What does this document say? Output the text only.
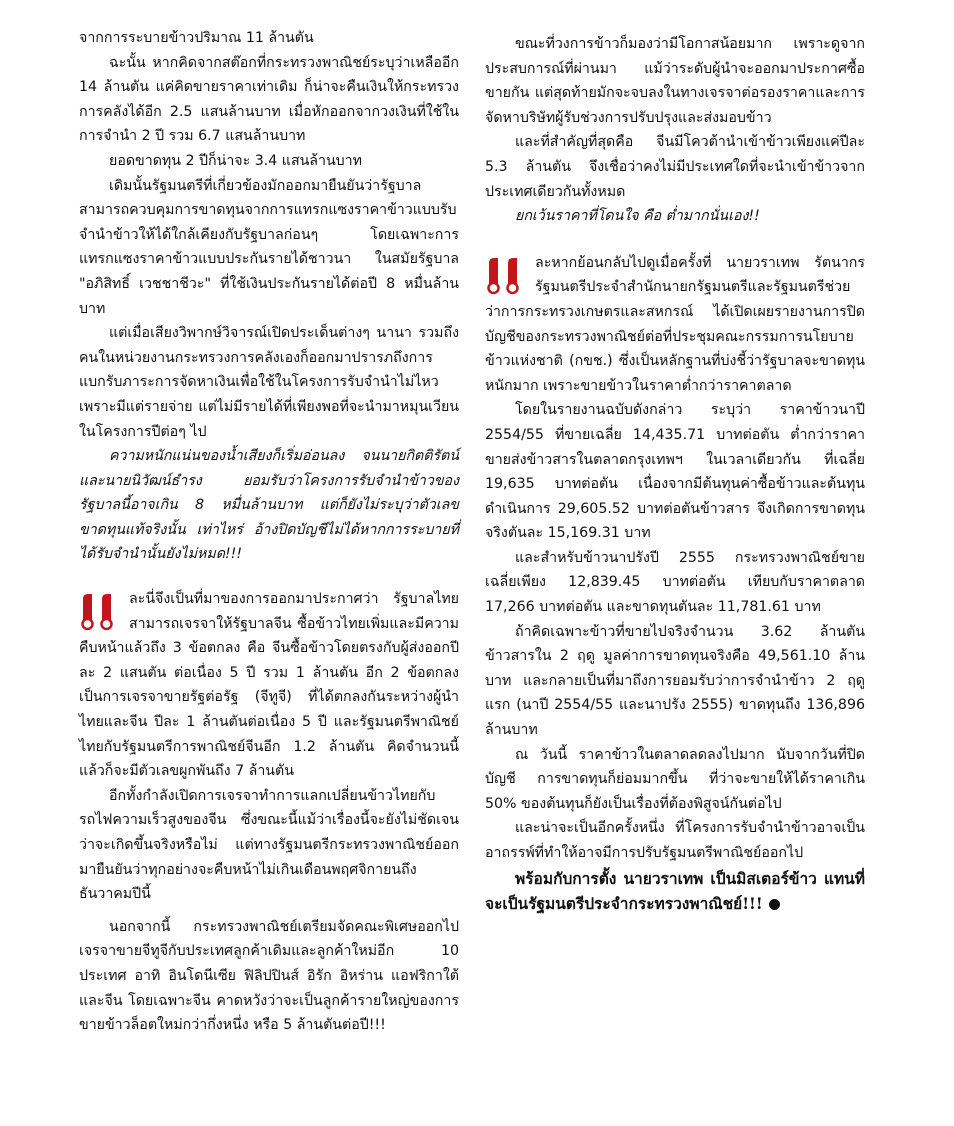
จากการระบายข้าวปริมาณ 11 ล้านตัน

ฉะนั้น หากคิดจากสต๊อกที่กระทรวงพาณิชย์ระบุว่าเหลืออีก 14 ล้านตัน แค่คิดขายราคาเท่าเดิม ก็น่าจะคืนเงินให้กระทรวงการคลังได้อีก 2.5 แสนล้านบาท เมื่อหักออกจากวงเงินที่ใช้ในการจำนำ 2 ปี รวม 6.7 แสนล้านบาท

ยอดขาดทุน 2 ปีก็น่าจะ 3.4 แสนล้านบาท

เดิมนั้นรัฐมนตรีที่เกี่ยวข้องมักออกมายืนยันว่ารัฐบาลสามารถควบคุมการขาดทุนจากการแทรกแซงราคาข้าวแบบรับจำนำข้าวให้ได้ใกล้เคียงกับรัฐบาลก่อนๆ โดยเฉพาะการแทรกแซงราคาข้าวแบบประกันรายได้ชาวนา ในสมัยรัฐบาล "อภิสิทธิ์ เวชชาชีวะ" ที่ใช้เงินประกันรายได้ต่อปี 8 หมื่นล้านบาท

แต่เมื่อเสียงวิพากษ์วิจารณ์เปิดประเด็นต่างๆ นานา รวมถึงคนในหน่วยงานกระทรวงการคลังเองก็ออกมาปรารภถึงการแบกรับภาระการจัดหาเงินเพื่อใช้ในโครงการรับจำนำไม่ไหว เพราะมีแต่รายจ่าย แต่ไม่มีรายได้ที่เพียงพอที่จะนำมาหมุนเวียนในโครงการปีต่อๆ ไป

ความหนักแน่นของน้ำเสียงก็เริ่มอ่อนลง จนนายกิตติรัตน์และนายนิวัฒน์ธำรง ยอมรับว่าโครงการรับจำนำข้าวของรัฐบาลนี้อาจเกิน 8 หมื่นล้านบาท แต่ก็ยังไม่ระบุว่าตัวเลขขาดทุนแท้จริงนั้น เท่าไหร่ อ้างปิดบัญชีไม่ได้หากการระบายที่ได้รับจำนำนั้นยังไม่หมด!!!

ละนี่จึงเป็นที่มาของการออกมาประกาศว่า รัฐบาลไทยสามารถเจรจาให้รัฐบาลจีน ซื้อข้าวไทยเพิ่มและมีความคืบหน้าแล้วถึง 3 ข้อตกลง คือ จีนซื้อข้าวโดยตรงกับผู้ส่งออกปีละ 2 แสนตัน ต่อเนื่อง 5 ปี รวม 1 ล้านตัน อีก 2 ข้อตกลงเป็นการเจรจาขายรัฐต่อรัฐ (จีทูจี) ที่ได้ตกลงกันระหว่างผู้นำไทยและจีน ปีละ 1 ล้านตันต่อเนื่อง 5 ปี และรัฐมนตรีพาณิชย์ไทยกับรัฐมนตรีการพาณิชย์จีนอีก 1.2 ล้านตัน คิดจำนวนนี้แล้วก็จะมีตัวเลขผูกพันถึง 7 ล้านตัน

อีกทั้งกำลังเปิดการเจรจาทำการแลกเปลี่ยนข้าวไทยกับรถไฟความเร็วสูงของจีน ซึ่งขณะนี้แม้ว่าเรื่องนี้จะยังไม่ชัดเจนว่าจะเกิดขึ้นจริงหรือไม่ แต่ทางรัฐมนตรีกระทรวงพาณิชย์ออกมายืนยันว่าทุกอย่างจะคืบหน้าไม่เกินเดือนพฤศจิกายนถึงธันวาคมปีนี้

นอกจากนี้ กระทรวงพาณิชย์เตรียมจัดคณะพิเศษออกไปเจรจาขายจีทูจีกับประเทศลูกค้าเดิมและลูกค้าใหม่อีก 10 ประเทศ อาทิ อินโดนีเซีย ฟิลิปปินส์ อิรัก อิหร่าน แอฟริกาใต้ และจีน โดยเฉพาะจีน คาดหวังว่าจะเป็นลูกค้ารายใหญ่ของการขายข้าวล็อตใหม่กว่ากึ่งหนึ่ง หรือ 5 ล้านตันต่อปี!!!

ขณะที่วงการข้าวก็มองว่ามีโอกาสน้อยมาก เพราะดูจากประสบการณ์ที่ผ่านมา แม้ว่าระดับผู้นำจะออกมาประกาศซื้อขายกัน แต่สุดท้ายมักจะจบลงในทางเจรจาต่อรองราคาและการจัดหาบริษัทผู้รับช่วงการปรับปรุงและส่งมอบข้าว

และที่สำคัญที่สุดคือ จีนมีโควต้านำเข้าข้าวเพียงแค่ปีละ 5.3 ล้านตัน จึงเชื่อว่าคงไม่มีประเทศใดที่จะนำเข้าข้าวจากประเทศเดียวกันทั้งหมด

ยกเว้นราคาที่โดนใจ คือ ต่ำมากนั่นเอง!!

ละหากย้อนกลับไปดูเมื่อครั้งที่ นายวราเทพ รัตนากร รัฐมนตรีประจำสำนักนายกรัฐมนตรีและรัฐมนตรีช่วยว่าการกระทรวงเกษตรและสหกรณ์ ได้เปิดเผยรายงานการปิดบัญชีของกระทรวงพาณิชย์ต่อที่ประชุมคณะกรรมการนโยบายข้าวแห่งชาติ (กขช.) ซึ่งเป็นหลักฐานที่บ่งชี้ว่ารัฐบาลจะขาดทุนหนักมาก เพราะขายข้าวในราคาต่ำกว่าราคาตลาด

โดยในรายงานฉบับดังกล่าว ระบุว่า ราคาข้าวนาปี 2554/55 ที่ขายเฉลี่ย 14,435.71 บาทต่อตัน ต่ำกว่าราคาขายส่งข้าวสารในตลาดกรุงเทพฯ ในเวลาเดียวกัน ที่เฉลี่ย 19,635 บาทต่อตัน เนื่องจากมีต้นทุนค่าซื้อข้าวและต้นทุนดำเนินการ 29,605.52 บาทต่อตันข้าวสาร จึงเกิดการขาดทุนจริงตันละ 15,169.31 บาท

และสำหรับข้าวนาปรังปี 2555 กระทรวงพาณิชย์ขายเฉลี่ยเพียง 12,839.45 บาทต่อตัน เทียบกับราคาตลาด 17,266 บาทต่อตัน และขาดทุนตันละ 11,781.61 บาท

ถ้าคิดเฉพาะข้าวที่ขายไปจริงจำนวน 3.62 ล้านตันข้าวสารใน 2 ฤดู มูลค่าการขาดทุนจริงคือ 49,561.10 ล้านบาท และกลายเป็นที่มาถึงการยอมรับว่าการจำนำข้าว 2 ฤดูแรก (นาปี 2554/55 และนาปรัง 2555) ขาดทุนถึง 136,896 ล้านบาท

ณ วันนี้ ราคาข้าวในตลาดลดลงไปมาก นับจากวันที่ปิดบัญชี การขาดทุนก็ย่อมมากขึ้น ที่ว่าจะขายให้ได้ราคาเกิน 50% ของต้นทุนก็ยังเป็นเรื่องที่ต้องพิสูจน์กันต่อไป

และน่าจะเป็นอีกครั้งหนึ่ง ที่โครงการรับจำนำข้าวอาจเป็นอาถรรพ์ที่ทำให้อาจมีการปรับรัฐมนตรีพาณิชย์ออกไป

พร้อมกับการตั้ง นายวราเทพ เป็นมิสเตอร์ข้าว แทนที่จะเป็นรัฐมนตรีประจำกระทรวงพาณิชย์!!!
